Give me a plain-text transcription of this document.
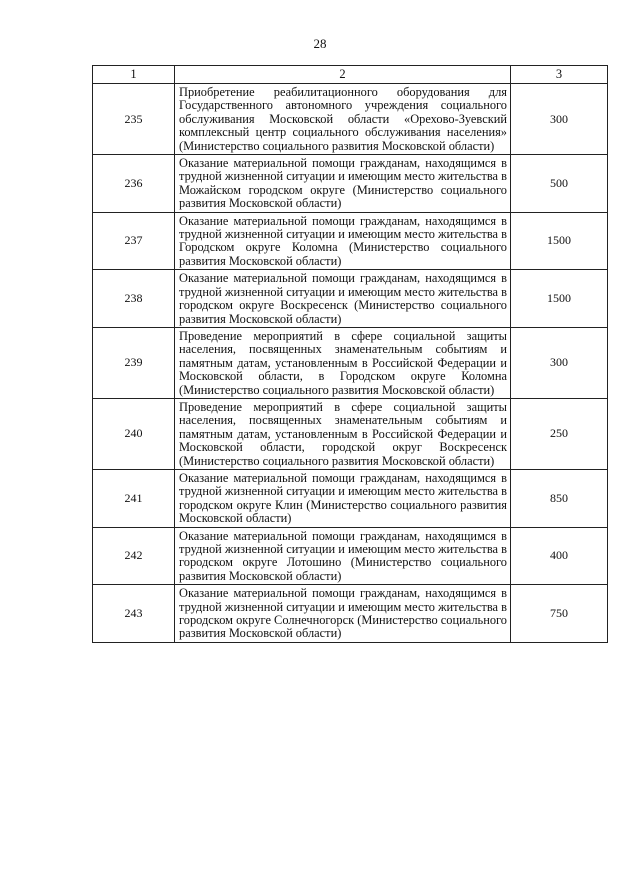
28
1	2	3
235	Приобретение реабилитационного оборудования для Государственного автономного учреждения социального обслуживания Московской области «Орехово-Зуевский комплексный центр социального обслуживания населения» (Министерство социального развития Московской области)	300
236	Оказание материальной помощи гражданам, находящимся в трудной жизненной ситуации и имеющим место жительства в Можайском городском округе (Министерство социального развития Московской области)	500
237	Оказание материальной помощи гражданам, находящимся в трудной жизненной ситуации и имеющим место жительства в Городском округе Коломна (Министерство социального развития Московской области)	1500
238	Оказание материальной помощи гражданам, находящимся в трудной жизненной ситуации и имеющим место жительства в городском округе Воскресенск (Министерство социального развития Московской области)	1500
239	Проведение мероприятий в сфере социальной защиты населения, посвященных знаменательным событиям и памятным датам, установленным в Российской Федерации и Московской области, в Городском округе Коломна (Министерство социального развития Московской области)	300
240	Проведение мероприятий в сфере социальной защиты населения, посвященных знаменательным событиям и памятным датам, установленным в Российской Федерации и Московской области, городской округ Воскресенск (Министерство социального развития Московской области)	250
241	Оказание материальной помощи гражданам, находящимся в трудной жизненной ситуации и имеющим место жительства в городском округе Клин (Министерство социального развития Московской области)	850
242	Оказание материальной помощи гражданам, находящимся в трудной жизненной ситуации и имеющим место жительства в городском округе Лотошино (Министерство социального развития Московской области)	400
243	Оказание материальной помощи гражданам, находящимся в трудной жизненной ситуации и имеющим место жительства в городском округе Солнечногорск (Министерство социального развития Московской области)	750
